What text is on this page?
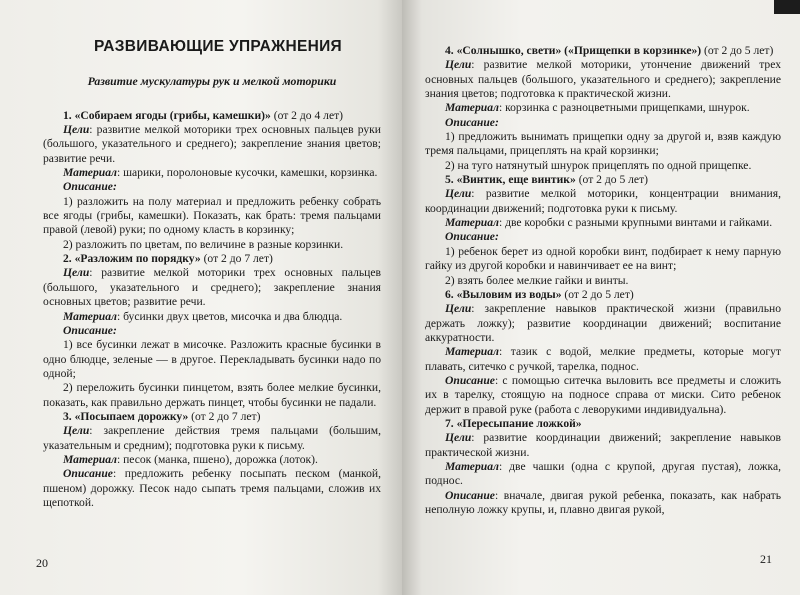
РАЗВИВАЮЩИЕ УПРАЖНЕНИЯ
Развитие мускулатуры рук и мелкой моторики

1. «Собираем ягоды (грибы, камешки)» (от 2 до 4 лет)

Цели: развитие мелкой моторики трех основных пальцев руки (большого, указательного и среднего); закрепление знания цветов; развитие речи.

Материал: шарики, поролоновые кусочки, камешки, корзинка.

Описание:

1) разложить на полу материал и предложить ребенку собрать все ягоды (грибы, камешки). Показать, как брать: тремя пальцами правой (левой) руки; по одному класть в корзинку;

2) разложить по цветам, по величине в разные корзинки.

2. «Разложим по порядку» (от 2 до 7 лет)

Цели: развитие мелкой моторики трех основных пальцев (большого, указательного и среднего); закрепление знания основных цветов; развитие речи.

Материал: бусинки двух цветов, мисочка и два блюдца.

Описание:

1) все бусинки лежат в мисочке. Разложить красные бусинки в одно блюдце, зеленые — в другое. Перекладывать бусинки надо по одной;

2) переложить бусинки пинцетом, взять более мелкие бусинки, показать, как правильно держать пинцет, чтобы бусинки не падали.

3. «Посыпаем дорожку» (от 2 до 7 лет)

Цели: закрепление действия тремя пальцами (большим, указательным и средним); подготовка руки к письму.

Материал: песок (манка, пшено), дорожка (лоток).

Описание: предложить ребенку посыпать песком (манкой, пшеном) дорожку. Песок надо сыпать тремя пальцами, сложив их щепоткой.

20

4. «Солнышко, свети» («Прищепки в корзинке») (от 2 до 5 лет)

Цели: развитие мелкой моторики, утончение движений трех основных пальцев (большого, указательного и среднего); закрепление знания цветов; подготовка к практической жизни.

Материал: корзинка с разноцветными прищепками, шнурок.

Описание:

1) предложить вынимать прищепки одну за другой и, взяв каждую тремя пальцами, прицеплять на край корзинки;

2) на туго натянутый шнурок прицеплять по одной прищепке.

5. «Винтик, еще винтик» (от 2 до 5 лет)

Цели: развитие мелкой моторики, концентрации внимания, координации движений; подготовка руки к письму.

Материал: две коробки с разными крупными винтами и гайками.

Описание:

1) ребенок берет из одной коробки винт, подбирает к нему парную гайку из другой коробки и навинчивает ее на винт;

2) взять более мелкие гайки и винты.

6. «Выловим из воды» (от 2 до 5 лет)

Цели: закрепление навыков практической жизни (правильно держать ложку); развитие координации движений; воспитание аккуратности.

Материал: тазик с водой, мелкие предметы, которые могут плавать, ситечко с ручкой, тарелка, поднос.

Описание: с помощью ситечка выловить все предметы и сложить их в тарелку, стоящую на подносе справа от миски. Сито ребенок держит в правой руке (работа с леворукими индивидуальна).

7. «Пересыпание ложкой»

Цели: развитие координации движений; закрепление навыков практической жизни.

Материал: две чашки (одна с крупой, другая пустая), ложка, поднос.

Описание: вначале, двигая рукой ребенка, показать, как набрать неполную ложку крупы, и, плавно двигая рукой,

21
